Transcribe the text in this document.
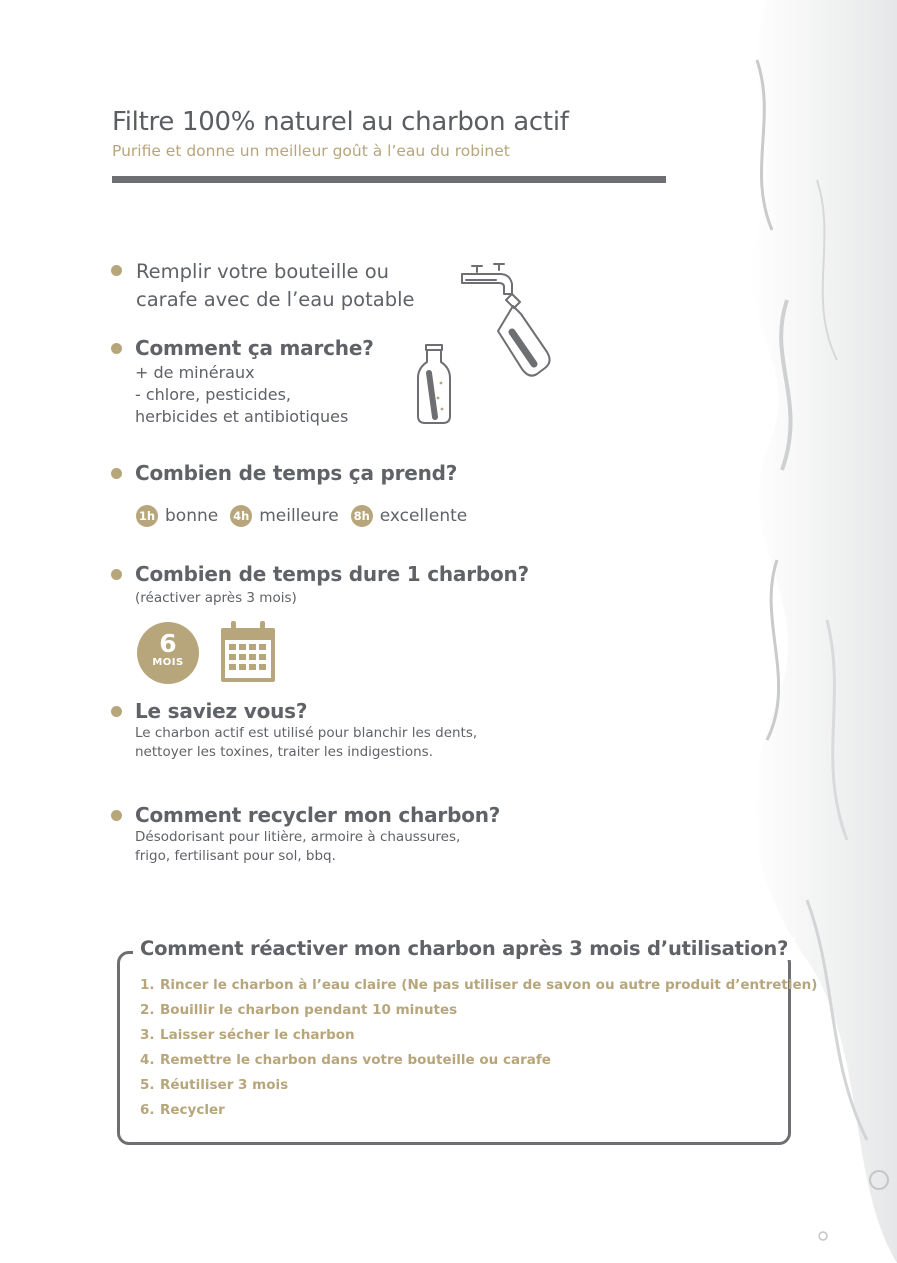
Filtre 100% naturel au charbon actif
Purifie et donne un meilleur goût à l’eau du robinet
Remplir votre bouteille ou
carafe avec de l’eau potable
Comment ça marche?
+ de minéraux
- chlore, pesticides,
herbicides et antibiotiques
Combien de temps ça prend?
1h bonne 4h meilleure 8h excellente
Combien de temps dure 1 charbon?
(réactiver après 3 mois)
6
MOIS
Le saviez vous?
Le charbon actif est utilisé pour blanchir les dents,
nettoyer les toxines, traiter les indigestions.
Comment recycler mon charbon?
Désodorisant pour litière, armoire à chaussures,
frigo, fertilisant pour sol, bbq.
Comment réactiver mon charbon après 3 mois d’utilisation?
1. Rincer le charbon à l’eau claire (Ne pas utiliser de savon ou autre produit d’entretien)
2. Bouillir le charbon pendant 10 minutes
3. Laisser sécher le charbon
4. Remettre le charbon dans votre bouteille ou carafe
5. Réutiliser 3 mois
6. Recycler
